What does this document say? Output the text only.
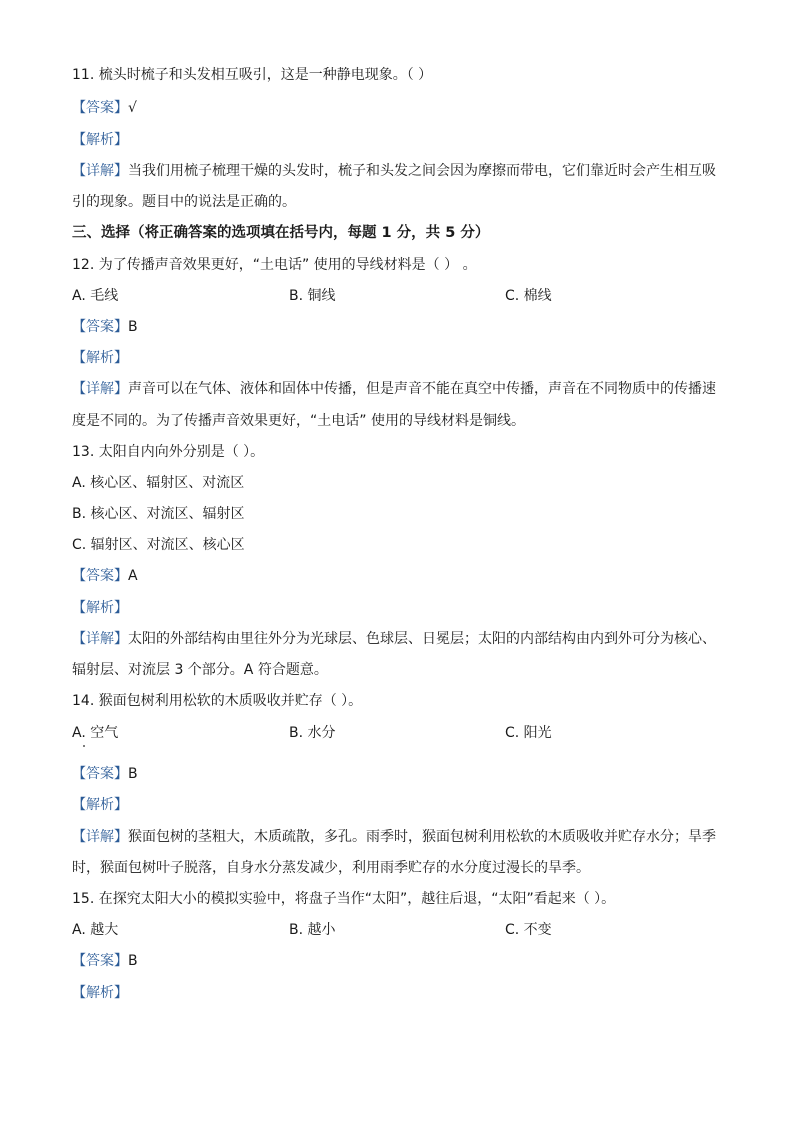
11. 梳头时梳子和头发相互吸引，这是一种静电现象。（ ）
【答案】√
【解析】
【详解】当我们用梳子梳理干燥的头发时，梳子和头发之间会因为摩擦而带电，它们靠近时会产生相互吸
引的现象。题目中的说法是正确的。
三、选择（将正确答案的选项填在括号内，每题 1 分，共 5 分）
12. 为了传播声音效果更好，“土电话” 使用的导线材料是（ ） 。
A. 毛线	B. 铜线	C. 棉线
【答案】B
【解析】
【详解】声音可以在气体、液体和固体中传播，但是声音不能在真空中传播，声音在不同物质中的传播速
度是不同的。为了传播声音效果更好，“土电话” 使用的导线材料是铜线。
13. 太阳自内向外分别是（ ）。
A. 核心区、辐射区、对流区
B. 核心区、对流区、辐射区
C. 辐射区、对流区、核心区
【答案】A
【解析】
【详解】太阳的外部结构由里往外分为光球层、色球层、日冕层；太阳的内部结构由内到外可分为核心、
辐射层、对流层 3 个部分。A 符合题意。
14. 猴面包树利用松软的木质吸收并贮存（ ）。
A. 空气	B. 水分	C. 阳光
【答案】B
【解析】
【详解】猴面包树的茎粗大，木质疏散，多孔。雨季时，猴面包树利用松软的木质吸收并贮存水分；旱季
时，猴面包树叶子脱落，自身水分蒸发减少，利用雨季贮存的水分度过漫长的旱季。
15. 在探究太阳大小的模拟实验中，将盘子当作“太阳”，越往后退，“太阳”看起来（ ）。
A. 越大	B. 越小	C. 不变
【答案】B
【解析】
